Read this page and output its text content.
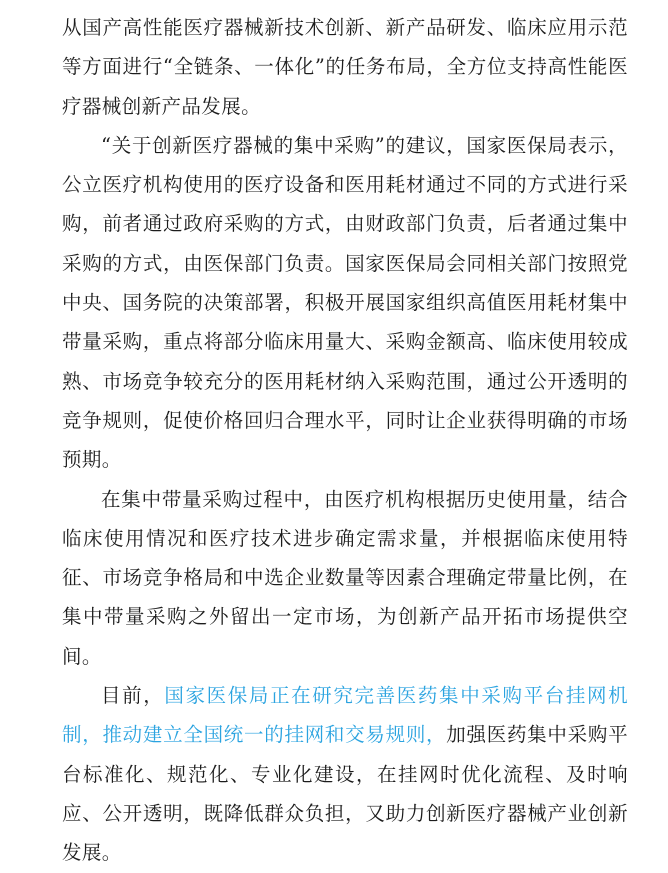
从国产高性能医疗器械新技术创新、新产品研发、临床应用示范等方面进行“全链条、一体化”的任务布局，全方位支持高性能医疗器械创新产品发展。

“关于创新医疗器械的集中采购”的建议，国家医保局表示，公立医疗机构使用的医疗设备和医用耗材通过不同的方式进行采购，前者通过政府采购的方式，由财政部门负责，后者通过集中采购的方式，由医保部门负责。国家医保局会同相关部门按照党中央、国务院的决策部署，积极开展国家组织高值医用耗材集中带量采购，重点将部分临床用量大、采购金额高、临床使用较成熟、市场竞争较充分的医用耗材纳入采购范围，通过公开透明的竞争规则，促使价格回归合理水平，同时让企业获得明确的市场预期。

在集中带量采购过程中，由医疗机构根据历史使用量，结合临床使用情况和医疗技术进步确定需求量，并根据临床使用特征、市场竞争格局和中选企业数量等因素合理确定带量比例，在集中带量采购之外留出一定市场，为创新产品开拓市场提供空间。

目前，国家医保局正在研究完善医药集中采购平台挂网机制，推动建立全国统一的挂网和交易规则，加强医药集中采购平台标准化、规范化、专业化建设，在挂网时优化流程、及时响应、公开透明，既降低群众负担，又助力创新医疗器械产业创新发展。
